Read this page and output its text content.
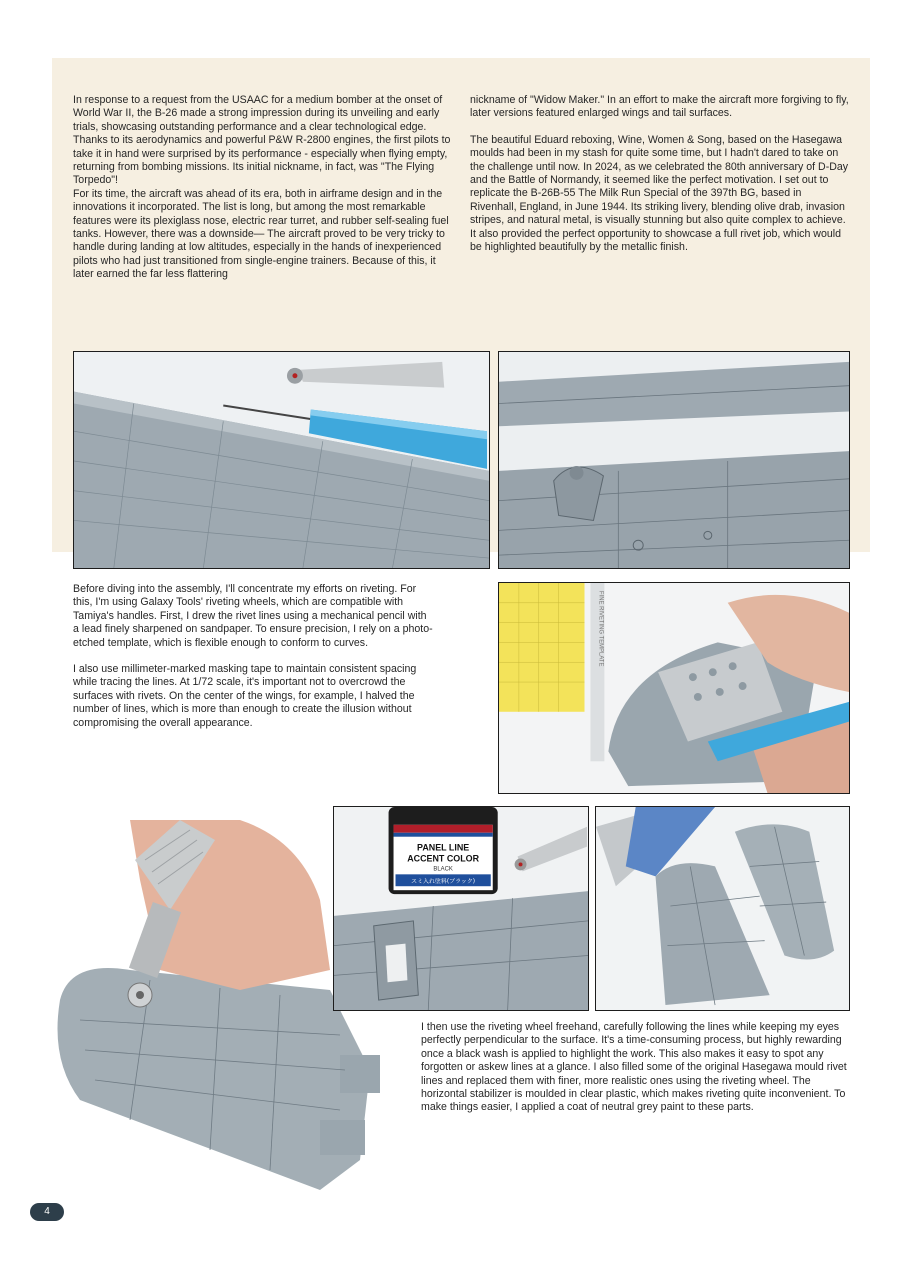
In response to a request from the USAAC for a medium bomber at the onset of World War II, the B-26 made a strong impression during its unveiling and early trials, showcasing outstanding performance and a clear technological edge. Thanks to its aerodynamics and powerful P&W R-2800 engines, the first pilots to take it in hand were surprised by its performance - especially when flying empty, returning from bombing missions. Its initial nickname, in fact, was "The Flying Torpedo"!

For its time, the aircraft was ahead of its era, both in airframe design and in the innovations it incorporated. The list is long, but among the most remarkable features were its plexiglass nose, electric rear turret, and rubber self-sealing fuel tanks. However, there was a downside— The aircraft proved to be very tricky to handle during landing at low altitudes, especially in the hands of inexperienced pilots who had just transitioned from single-engine trainers. Because of this, it later earned the far less flattering

nickname of "Widow Maker." In an effort to make the aircraft more forgiving to fly, later versions featured enlarged wings and tail surfaces.

The beautiful Eduard reboxing, Wine, Women & Song, based on the Hasegawa moulds had been in my stash for quite some time, but I hadn't dared to take on the challenge until now. In 2024, as we celebrated the 80th anniversary of D-Day and the Battle of Normandy, it seemed like the perfect motivation. I set out to replicate the B-26B-55 The Milk Run Special of the 397th BG, based in Rivenhall, England, in June 1944. Its striking livery, blending olive drab, invasion stripes, and natural metal, is visually stunning but also quite complex to achieve. It also provided the perfect opportunity to showcase a full rivet job, which would be highlighted beautifully by the metallic finish.

Before diving into the assembly, I'll concentrate my efforts on riveting. For this, I'm using Galaxy Tools' riveting wheels, which are compatible with Tamiya's handles. First, I drew the rivet lines using a mechanical pencil with a lead finely sharpened on sandpaper. To ensure precision, I rely on a photo-etched template, which is flexible enough to conform to curves.

I also use millimeter-marked masking tape to maintain consistent spacing while tracing the lines. At 1/72 scale, it's important not to overcrowd the surfaces with rivets. On the center of the wings, for example, I halved the number of lines, which is more than enough to create the illusion without compromising the overall appearance.

FINE RIVETING TEMPLATE
PANEL LINE
ACCENT COLOR
BLACK
スミ入れ塗料(ブラック)

I then use the riveting wheel freehand, carefully following the lines while keeping my eyes perfectly perpendicular to the surface. It's a time-consuming process, but highly rewarding once a black wash is applied to highlight the work. This also makes it easy to spot any forgotten or askew lines at a glance. I also filled some of the original Hasegawa mould rivet lines and replaced them with finer, more realistic ones using the riveting wheel. The horizontal stabilizer is moulded in clear plastic, which makes riveting quite inconvenient. To make things easier, I applied a coat of neutral grey paint to these parts.

4
